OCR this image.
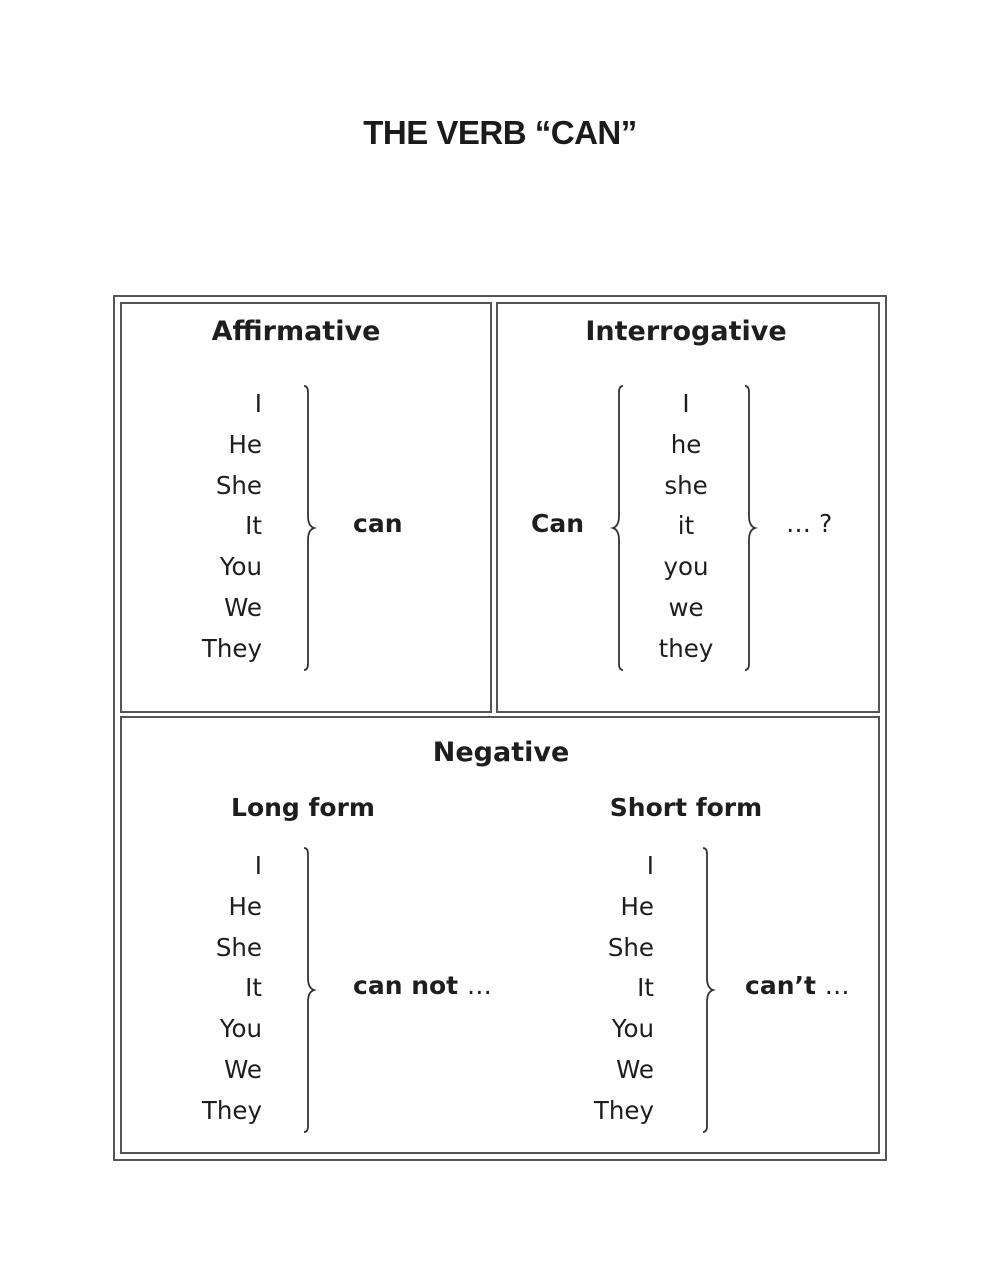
THE VERB “CAN”
Affirmative
I
He
She
It
You
We
They
can
Interrogative
Can
I
he
she
it
you
we
they
… ?
Negative
Long form
I
He
She
It
You
We
They
can not …
Short form
I
He
She
It
You
We
They
can’t …
